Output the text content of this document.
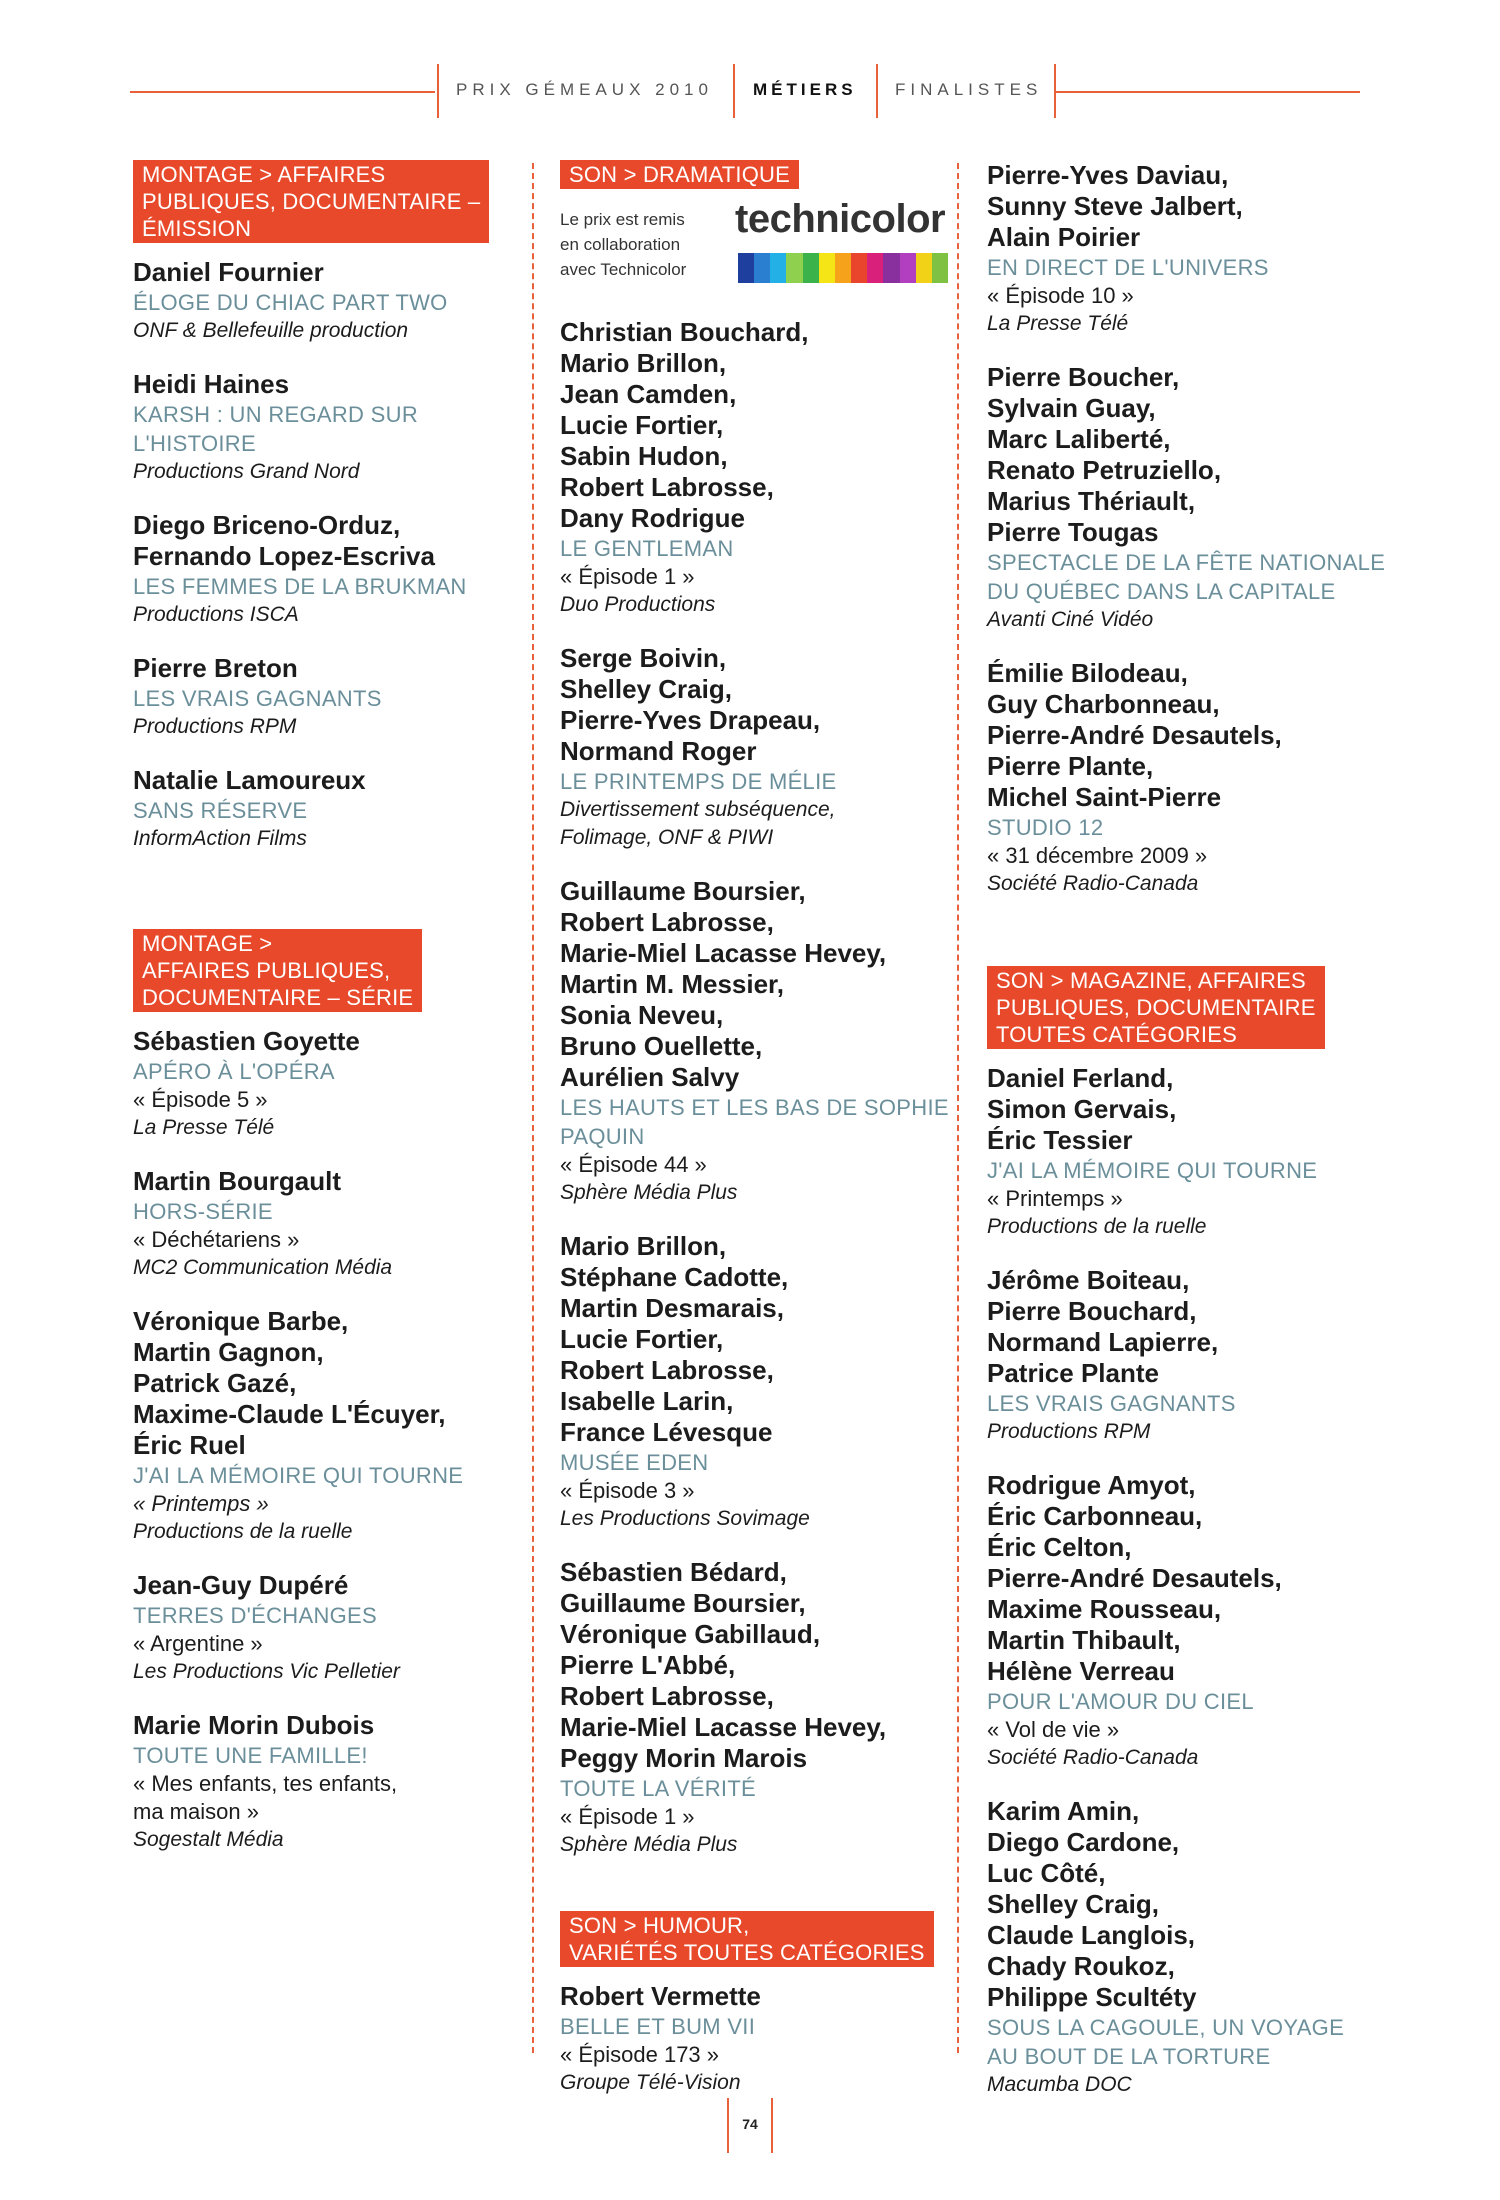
PRIX GÉMEAUX 2010 MÉTIERS FINALISTES
MONTAGE > AFFAIRES
PUBLIQUES, DOCUMENTAIRE –
ÉMISSION
Daniel Fournier
ÉLOGE DU CHIAC PART TWO
ONF & Bellefeuille production
Heidi Haines
KARSH : UN REGARD SUR
L'HISTOIRE
Productions Grand Nord
Diego Briceno-Orduz,
Fernando Lopez-Escriva
LES FEMMES DE LA BRUKMAN
Productions ISCA
Pierre Breton
LES VRAIS GAGNANTS
Productions RPM
Natalie Lamoureux
SANS RÉSERVE
InformAction Films
MONTAGE >
AFFAIRES PUBLIQUES,
DOCUMENTAIRE – SÉRIE
Sébastien Goyette
APÉRO À L'OPÉRA
« Épisode 5 »
La Presse Télé
Martin Bourgault
HORS-SÉRIE
« Déchétariens »
MC2 Communication Média
Véronique Barbe,
Martin Gagnon,
Patrick Gazé,
Maxime-Claude L'Écuyer,
Éric Ruel
J'AI LA MÉMOIRE QUI TOURNE
« Printemps »
Productions de la ruelle
Jean-Guy Dupéré
TERRES D'ÉCHANGES
« Argentine »
Les Productions Vic Pelletier
Marie Morin Dubois
TOUTE UNE FAMILLE!
« Mes enfants, tes enfants,
ma maison »
Sogestalt Média
SON > DRAMATIQUE
Le prix est remis
en collaboration
avec Technicolor
technicolor
Christian Bouchard,
Mario Brillon,
Jean Camden,
Lucie Fortier,
Sabin Hudon,
Robert Labrosse,
Dany Rodrigue
LE GENTLEMAN
« Épisode 1 »
Duo Productions
Serge Boivin,
Shelley Craig,
Pierre-Yves Drapeau,
Normand Roger
LE PRINTEMPS DE MÉLIE
Divertissement subséquence,
Folimage, ONF & PIWI
Guillaume Boursier,
Robert Labrosse,
Marie-Miel Lacasse Hevey,
Martin M. Messier,
Sonia Neveu,
Bruno Ouellette,
Aurélien Salvy
LES HAUTS ET LES BAS DE SOPHIE
PAQUIN
« Épisode 44 »
Sphère Média Plus
Mario Brillon,
Stéphane Cadotte,
Martin Desmarais,
Lucie Fortier,
Robert Labrosse,
Isabelle Larin,
France Lévesque
MUSÉE EDEN
« Épisode 3 »
Les Productions Sovimage
Sébastien Bédard,
Guillaume Boursier,
Véronique Gabillaud,
Pierre L'Abbé,
Robert Labrosse,
Marie-Miel Lacasse Hevey,
Peggy Morin Marois
TOUTE LA VÉRITÉ
« Épisode 1 »
Sphère Média Plus
SON > HUMOUR,
VARIÉTÉS TOUTES CATÉGORIES
Robert Vermette
BELLE ET BUM VII
« Épisode 173 »
Groupe Télé-Vision
Pierre-Yves Daviau,
Sunny Steve Jalbert,
Alain Poirier
EN DIRECT DE L'UNIVERS
« Épisode 10 »
La Presse Télé
Pierre Boucher,
Sylvain Guay,
Marc Laliberté,
Renato Petruziello,
Marius Thériault,
Pierre Tougas
SPECTACLE DE LA FÊTE NATIONALE
DU QUÉBEC DANS LA CAPITALE
Avanti Ciné Vidéo
Émilie Bilodeau,
Guy Charbonneau,
Pierre-André Desautels,
Pierre Plante,
Michel Saint-Pierre
STUDIO 12
« 31 décembre 2009 »
Société Radio-Canada
SON > MAGAZINE, AFFAIRES
PUBLIQUES, DOCUMENTAIRE
TOUTES CATÉGORIES
Daniel Ferland,
Simon Gervais,
Éric Tessier
J'AI LA MÉMOIRE QUI TOURNE
« Printemps »
Productions de la ruelle
Jérôme Boiteau,
Pierre Bouchard,
Normand Lapierre,
Patrice Plante
LES VRAIS GAGNANTS
Productions RPM
Rodrigue Amyot,
Éric Carbonneau,
Éric Celton,
Pierre-André Desautels,
Maxime Rousseau,
Martin Thibault,
Hélène Verreau
POUR L'AMOUR DU CIEL
« Vol de vie »
Société Radio-Canada
Karim Amin,
Diego Cardone,
Luc Côté,
Shelley Craig,
Claude Langlois,
Chady Roukoz,
Philippe Scultéty
SOUS LA CAGOULE, UN VOYAGE
AU BOUT DE LA TORTURE
Macumba DOC
74
